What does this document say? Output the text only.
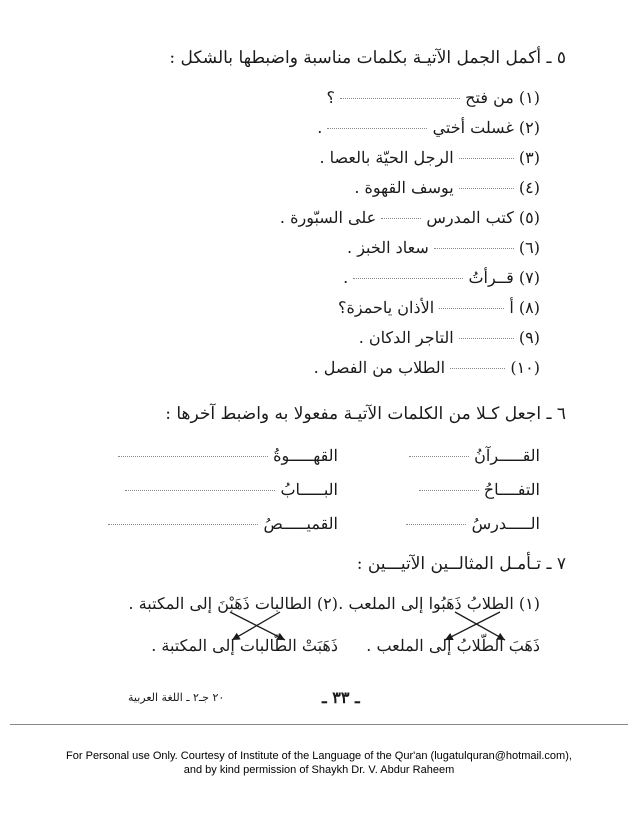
٥ ـ أكمل الجمل الآتيـة بكلمات مناسبة واضبطها بالشكل :
(١) من فتح  ؟
(٢) غسلت أختي  .
(٣)  الرجل الحيّة بالعصا .
(٤)  يوسف القهوة .
(٥) كتب المدرس  على السبّورة .
(٦)  سعاد الخبز .
(٧) قــرأتُ  .
(٨) أ  الأذان ياحمزة؟
(٩)  التاجر الدكان .
(١٠)  الطلاب من الفصل .
٦ ـ اجعل كـلا من الكلمات الآتيـة مفعولا به واضبط آخرها :
القـــــرآنُ
القهـــــوةُ
التفــــاحُ
البـــــابُ
الـــــدرسُ
القميـــــصُ
٧ ـ تـأمـل المثالــين الآتيـــين :
(١) الطلابُ ذَهَبُوا إلى الملعب .
ذَهَبَ الطّلابُ إلى الملعب .
(٢) الطالبات ذَهَبْنَ إلى المكتبة .
ذَهَبَتْ الطّالبات إلى المكتبة .
ـ ٣٣ ـ
٢٠ جـ٢ ـ اللغة العربية
For Personal use Only. Courtesy of Institute of the Language of the Qur'an (lugatulquran@hotmail.com),
and by kind permission of Shaykh Dr. V. Abdur Raheem
